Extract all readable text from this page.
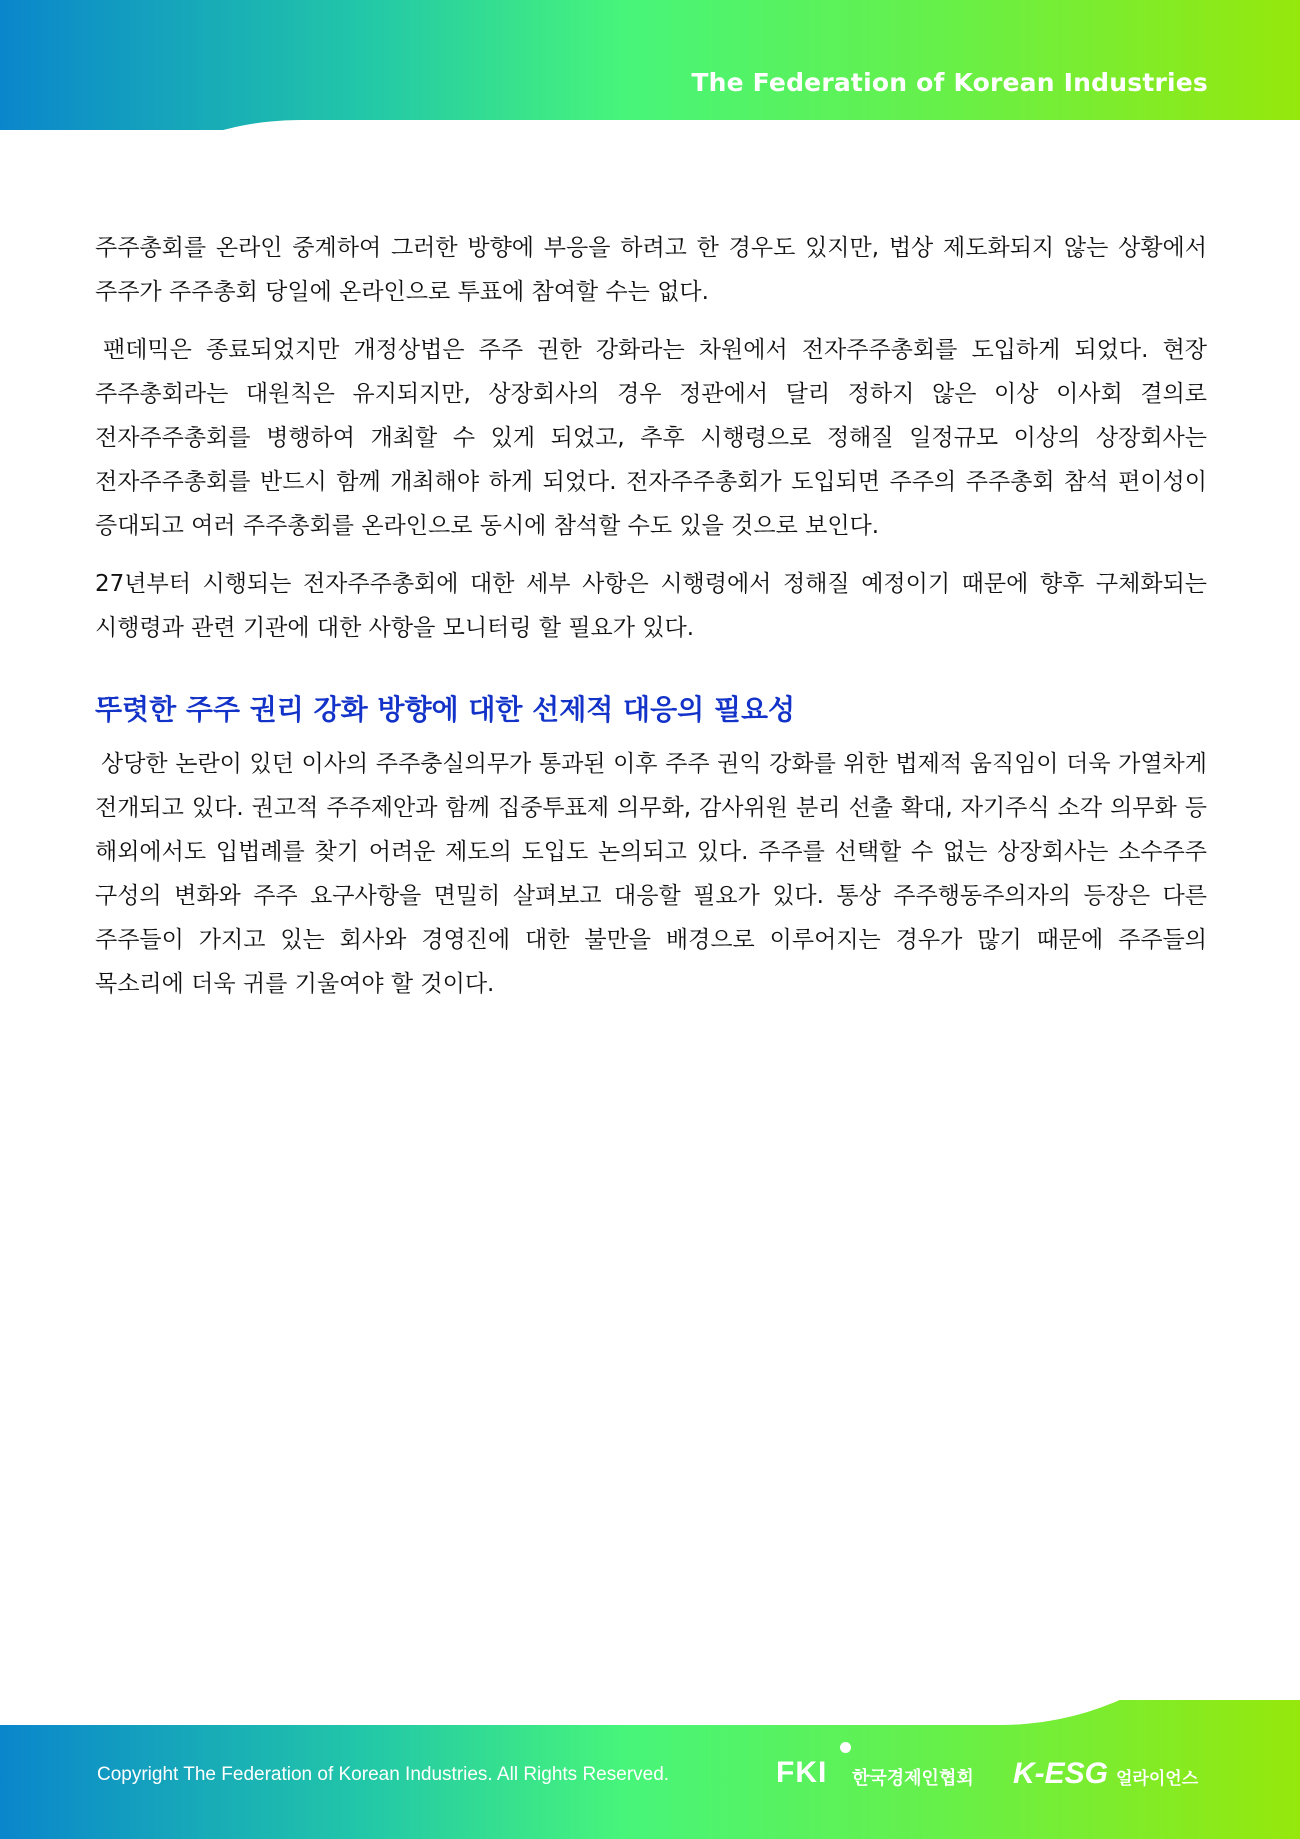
The Federation of Korean Industries

주주총회를 온라인 중계하여 그러한 방향에 부응을 하려고 한 경우도 있지만, 법상 제도화되지 않는 상황에서 주주가 주주총회 당일에 온라인으로 투표에 참여할 수는 없다.

팬데믹은 종료되었지만 개정상법은 주주 권한 강화라는 차원에서 전자주주총회를 도입하게 되었다. 현장 주주총회라는 대원칙은 유지되지만, 상장회사의 경우 정관에서 달리 정하지 않은 이상 이사회 결의로 전자주주총회를 병행하여 개최할 수 있게 되었고, 추후 시행령으로 정해질 일정규모 이상의 상장회사는 전자주주총회를 반드시 함께 개최해야 하게 되었다. 전자주주총회가 도입되면 주주의 주주총회 참석 편이성이 증대되고 여러 주주총회를 온라인으로 동시에 참석할 수도 있을 것으로 보인다.

27년부터 시행되는 전자주주총회에 대한 세부 사항은 시행령에서 정해질 예정이기 때문에 향후 구체화되는 시행령과 관련 기관에 대한 사항을 모니터링 할 필요가 있다.

뚜렷한 주주 권리 강화 방향에 대한 선제적 대응의 필요성

상당한 논란이 있던 이사의 주주충실의무가 통과된 이후 주주 권익 강화를 위한 법제적 움직임이 더욱 가열차게 전개되고 있다. 권고적 주주제안과 함께 집중투표제 의무화, 감사위원 분리 선출 확대, 자기주식 소각 의무화 등 해외에서도 입법례를 찾기 어려운 제도의 도입도 논의되고 있다. 주주를 선택할 수 없는 상장회사는 소수주주 구성의 변화와 주주 요구사항을 면밀히 살펴보고 대응할 필요가 있다. 통상 주주행동주의자의 등장은 다른 주주들이 가지고 있는 회사와 경영진에 대한 불만을 배경으로 이루어지는 경우가 많기 때문에 주주들의 목소리에 더욱 귀를 기울여야 할 것이다.

Copyright The Federation of Korean Industries. All Rights Reserved.	FKI 한국경제인협회 K-ESG 얼라이언스
